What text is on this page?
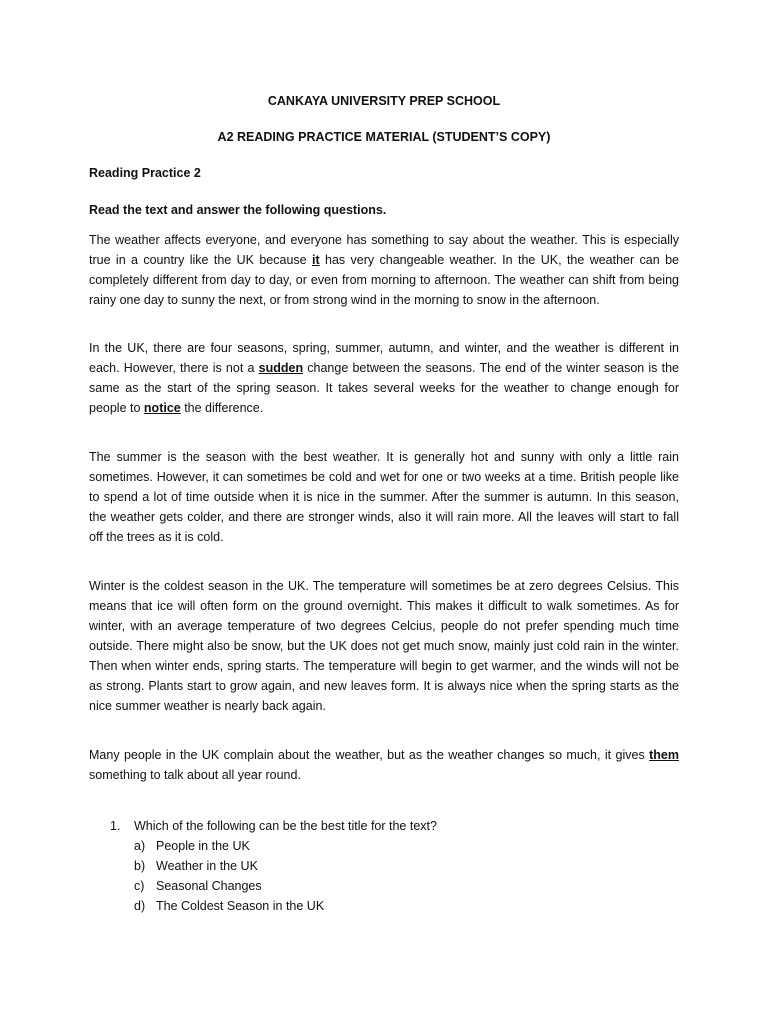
CANKAYA UNIVERSITY PREP SCHOOL
A2 READING PRACTICE MATERIAL (STUDENT’S COPY)
Reading Practice 2
Read the text and answer the following questions.

The weather affects everyone, and everyone has something to say about the weather. This is especially true in a country like the UK because it has very changeable weather. In the UK, the weather can be completely different from day to day, or even from morning to afternoon. The weather can shift from being rainy one day to sunny the next, or from strong wind in the morning to snow in the afternoon.

In the UK, there are four seasons, spring, summer, autumn, and winter, and the weather is different in each. However, there is not a sudden change between the seasons. The end of the winter season is the same as the start of the spring season. It takes several weeks for the weather to change enough for people to notice the difference.

The summer is the season with the best weather. It is generally hot and sunny with only a little rain sometimes. However, it can sometimes be cold and wet for one or two weeks at a time. British people like to spend a lot of time outside when it is nice in the summer. After the summer is autumn. In this season, the weather gets colder, and there are stronger winds, also it will rain more. All the leaves will start to fall off the trees as it is cold.

Winter is the coldest season in the UK. The temperature will sometimes be at zero degrees Celsius. This means that ice will often form on the ground overnight. This makes it difficult to walk sometimes. As for winter, with an average temperature of two degrees Celcius, people do not prefer spending much time outside. There might also be snow, but the UK does not get much snow, mainly just cold rain in the winter. Then when winter ends, spring starts. The temperature will begin to get warmer, and the winds will not be as strong. Plants start to grow again, and new leaves form. It is always nice when the spring starts as the nice summer weather is nearly back again.

Many people in the UK complain about the weather, but as the weather changes so much, it gives them something to talk about all year round.

1.	Which of the following can be the best title for the text?
a) People in the UK
b) Weather in the UK
c) Seasonal Changes
d) The Coldest Season in the UK
